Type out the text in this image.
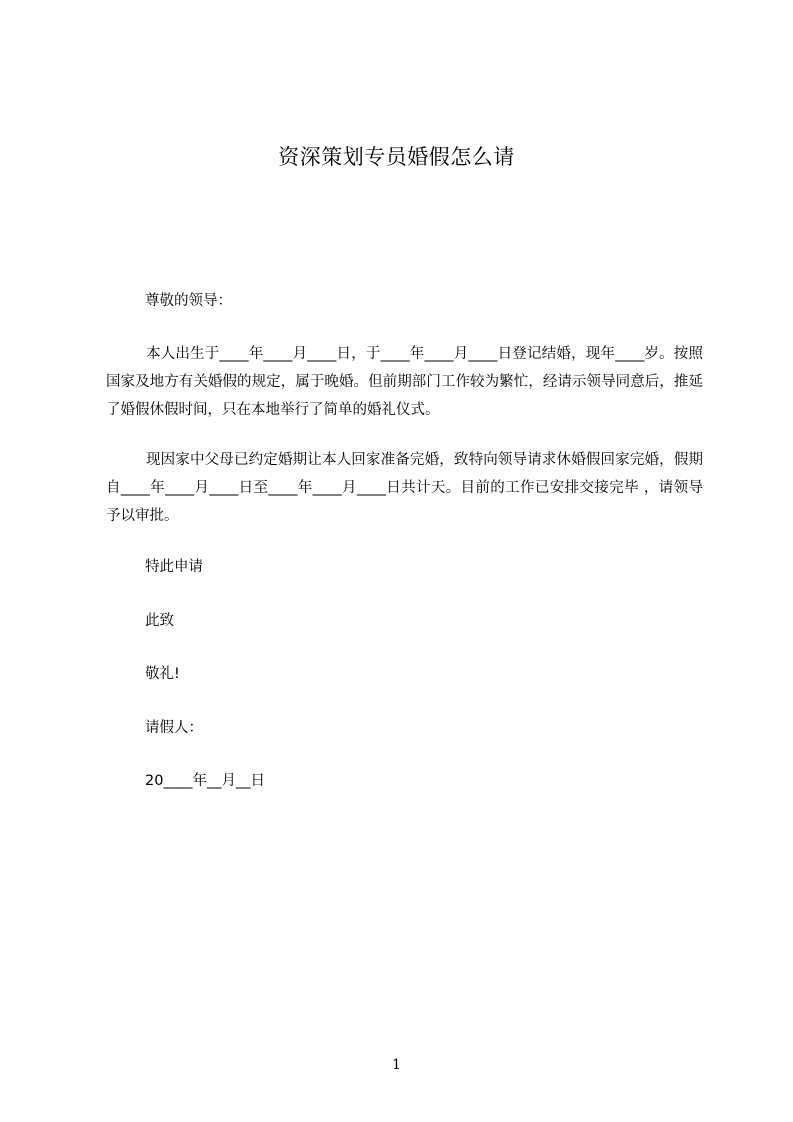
资深策划专员婚假怎么请
尊敬的领导：
本人出生于____年____月____日，于____年____月____日登记结婚，现年____岁。按照国家及地方有关婚假的规定，属于晚婚。但前期部门工作较为繁忙，经请示领导同意后，推延了婚假休假时间，只在本地举行了简单的婚礼仪式。
现因家中父母已约定婚期让本人回家准备完婚，致特向领导请求休婚假回家完婚，假期自____年____月____日至____年____月____日共计天。目前的工作已安排交接完毕 ，请领导予以审批。
特此申请
此致
敬礼!
请假人：
20____年__月__日
1
